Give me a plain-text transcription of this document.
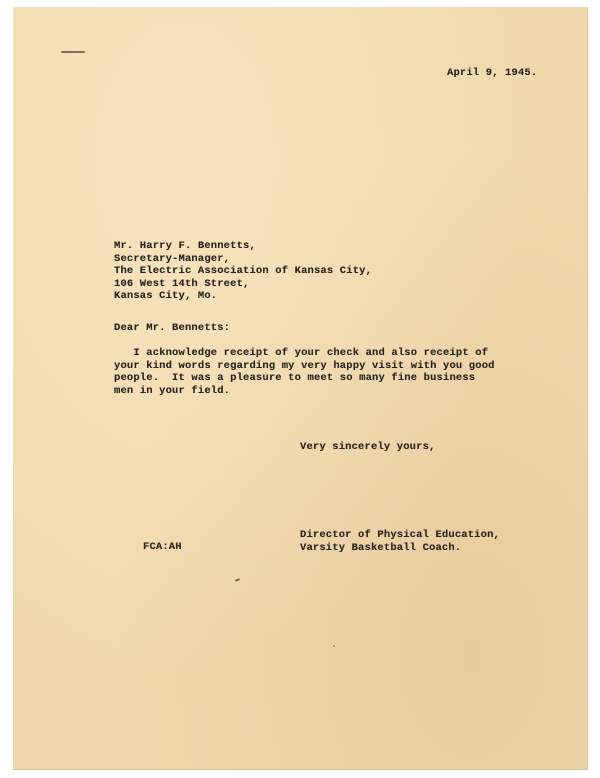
April 9, 1945.
Mr. Harry F. Bennetts,
Secretary-Manager,
The Electric Association of Kansas City,
106 West 14th Street,
Kansas City, Mo.
Dear Mr. Bennetts:
I acknowledge receipt of your check and also receipt of
your kind words regarding my very happy visit with you good
people.  It was a pleasure to meet so many fine business
men in your field.
Very sincerely yours,
Director of Physical Education,
Varsity Basketball Coach.
FCA:AH
